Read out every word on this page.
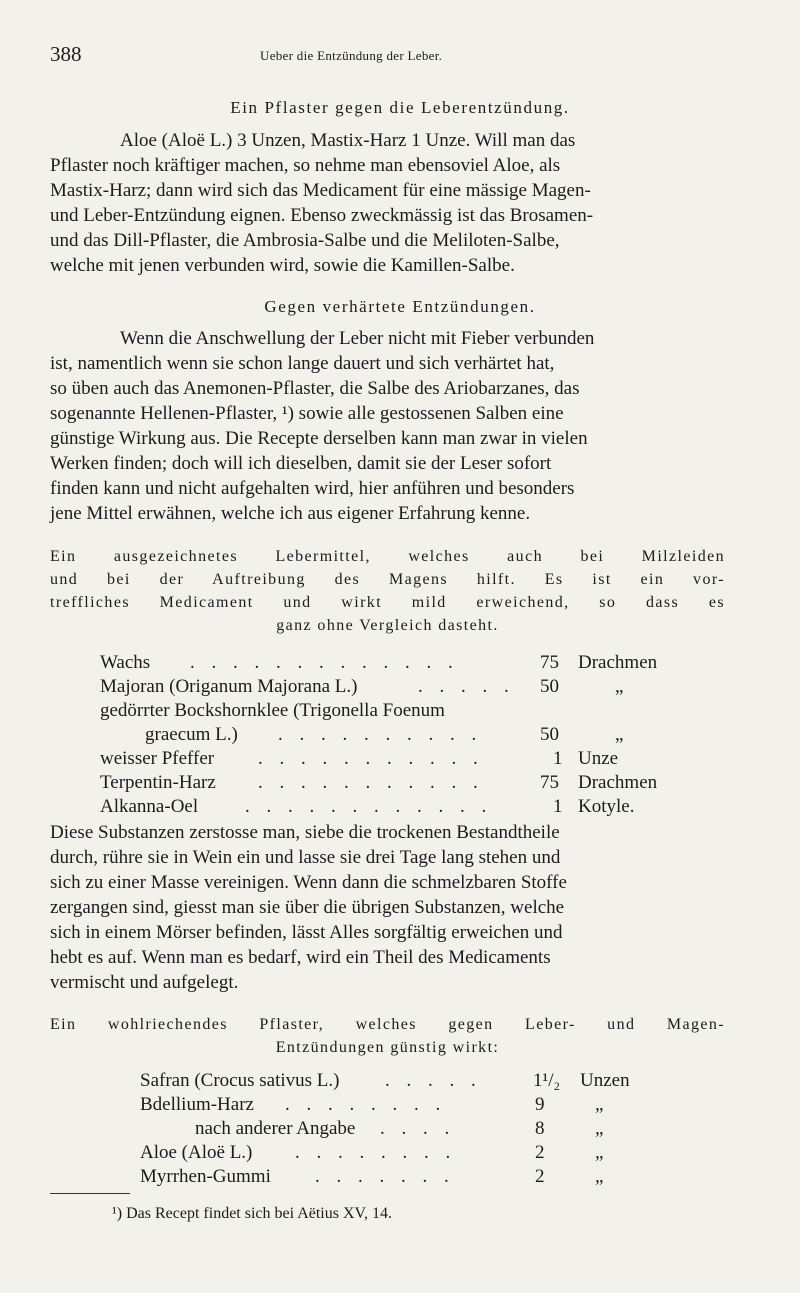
388	Ueber die Entzündung der Leber.
Ein Pflaster gegen die Leberentzündung.
Aloe (Aloë L.) 3 Unzen, Mastix-Harz 1 Unze. Will man das
Pflaster noch kräftiger machen, so nehme man ebensoviel Aloe, als
Mastix-Harz; dann wird sich das Medicament für eine mässige Magen-
und Leber-Entzündung eignen. Ebenso zweckmässig ist das Brosamen-
und das Dill-Pflaster, die Ambrosia-Salbe und die Meliloten-Salbe,
welche mit jenen verbunden wird, sowie die Kamillen-Salbe.
Gegen verhärtete Entzündungen.
Wenn die Anschwellung der Leber nicht mit Fieber verbunden
ist, namentlich wenn sie schon lange dauert und sich verhärtet hat,
so üben auch das Anemonen-Pflaster, die Salbe des Ariobarzanes, das
sogenannte Hellenen-Pflaster, ¹) sowie alle gestossenen Salben eine
günstige Wirkung aus. Die Recepte derselben kann man zwar in vielen
Werken finden; doch will ich dieselben, damit sie der Leser sofort
finden kann und nicht aufgehalten wird, hier anführen und besonders
jene Mittel erwähnen, welche ich aus eigener Erfahrung kenne.
Ein ausgezeichnetes Lebermittel, welches auch bei Milzleiden
und bei der Auftreibung des Magens hilft. Es ist ein vor-
treffliches Medicament und wirkt mild erweichend, so dass es
ganz ohne Vergleich dasteht.
Wachs . . . . . . . . . . . . .	75 Drachmen
Majoran (Origanum Majorana L.)	. . . . . 50	„
gedörrter Bockshornklee (Trigonella Foenum
graecum L.) . . . . . . . . . .	50	„
weisser Pfeffer . . . . . . . . . . .	1 Unze
Terpentin-Harz . . . . . . . . . . .	75 Drachmen
Alkanna-Oel . . . . . . . . . . . .	1 Kotyle.
Diese Substanzen zerstosse man, siebe die trockenen Bestandtheile
durch, rühre sie in Wein ein und lasse sie drei Tage lang stehen und
sich zu einer Masse vereinigen. Wenn dann die schmelzbaren Stoffe
zergangen sind, giesst man sie über die übrigen Substanzen, welche
sich in einem Mörser befinden, lässt Alles sorgfältig erweichen und
hebt es auf. Wenn man es bedarf, wird ein Theil des Medicaments
vermischt und aufgelegt.
Ein wohlriechendes Pflaster, welches gegen Leber- und Magen-
Entzündungen günstig wirkt:
Safran (Crocus sativus L.) . . . . .	1¹/₂ Unzen
Bdellium-Harz . . . . . . . .	9	„
nach anderer Angabe . . . .	8	„
Aloe (Aloë L.) . . . . . . . .	2	„
Myrrhen-Gummi . . . . . . .	2	„
¹) Das Recept findet sich bei Aëtius XV, 14.
